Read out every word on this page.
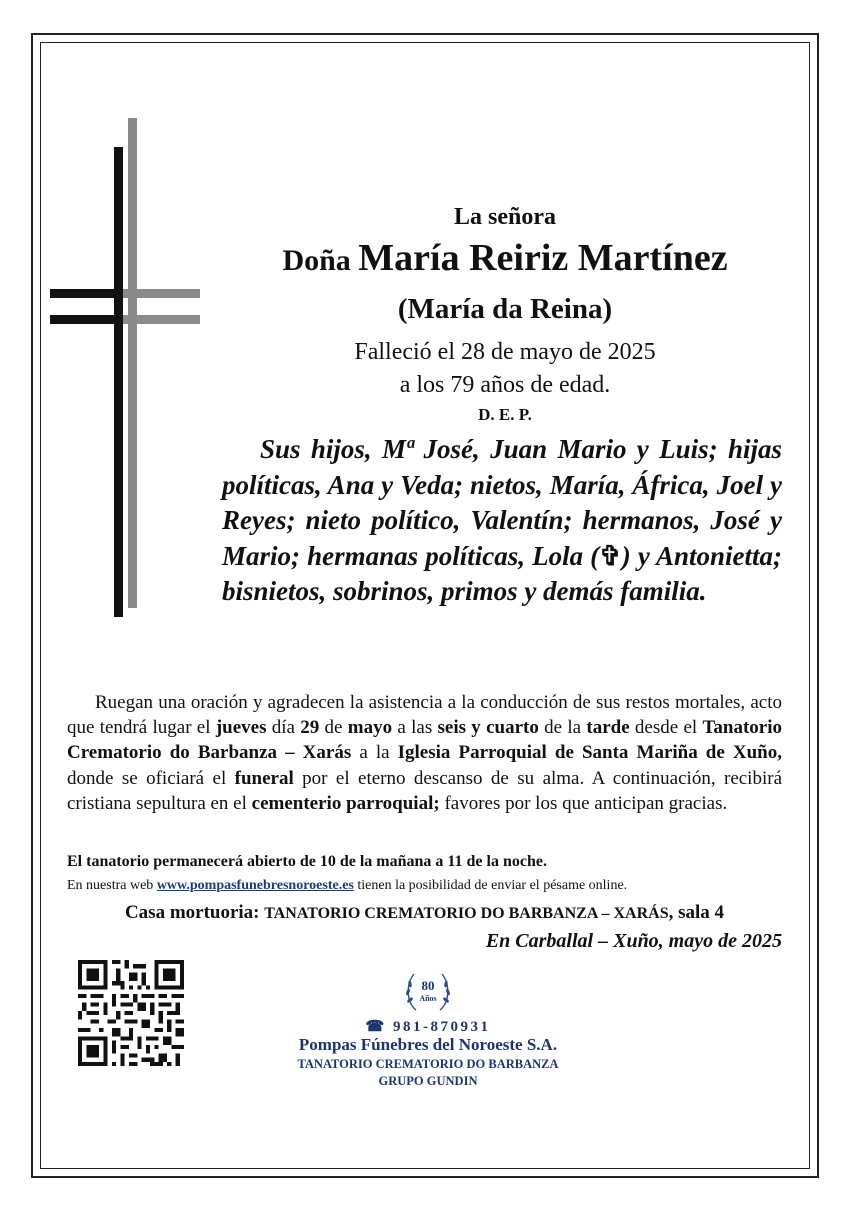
La señora
Doña María Reiriz Martínez
(María da Reina)
Falleció el 28 de mayo de 2025
a los 79 años de edad.
D. E. P.
Sus hijos, Mª José, Juan Mario y Luis; hijas políticas, Ana y Veda; nietos, María, África, Joel y Reyes; nieto político, Valentín; hermanos, José y Mario; hermanas políticas, Lola (✞) y Antonietta; bisnietos, sobrinos, primos y demás familia.
Ruegan una oración y agradecen la asistencia a la conducción de sus restos mortales, acto que tendrá lugar el jueves día 29 de mayo a las seis y cuarto de la tarde desde el Tanatorio Crematorio do Barbanza – Xarás a la Iglesia Parroquial de Santa Mariña de Xuño, donde se oficiará el funeral por el eterno descanso de su alma. A continuación, recibirá cristiana sepultura en el cementerio parroquial; favores por los que anticipan gracias.
El tanatorio permanecerá abierto de 10 de la mañana a 11 de la noche.
En nuestra web www.pompasfunebresnoroeste.es tienen la posibilidad de enviar el pésame online.
Casa mortuoria: TANATORIO CREMATORIO DO BARBANZA – XARÁS, sala 4
En Carballal – Xuño, mayo de 2025
80
Años
☎ 981-870931
Pompas Fúnebres del Noroeste S.A.
TANATORIO CREMATORIO DO BARBANZA
GRUPO GUNDIN
